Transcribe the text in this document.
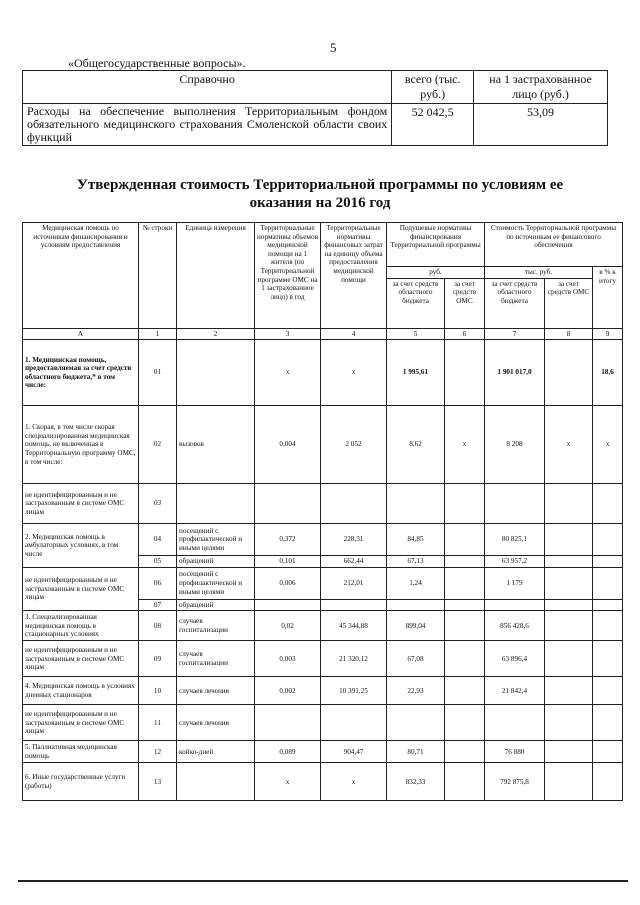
5
«Общегосударственные вопросы».
Справочно	всего (тыс. руб.)	на 1 застрахованное лицо (руб.)
Расходы на обеспечение выполнения Территориальным фондом обязательного медицинского страхования Смоленской области своих функций	52 042,5	53,09
Утвержденная стоимость Территориальной программы по условиям ее оказания на 2016 год
Медицинская помощь по источникам финансирования и условиям предоставления	№ строки	Единица измерения	Территориальные нормативы объемов медицинской помощи на 1 жителя (по Территориальной программе ОМС на 1 застрахованное лицо) в год	Территориальные нормативы финансовых затрат на единицу объема предоставления медицинской помощи	Подушевые нормативы финансирования Территориальной программы		Стоимость Территориальной программы по источникам ее финансового обеспечения		
					руб.		тыс. руб.		в % к итогу
					за счет средств областного бюджета	за счет средств ОМС	за счет средств областного бюджета	за счет средств ОМС	
А	1	2	3	4	5	6	7	8	9
1. Медицинская помощь, предоставляемая за счет средств областного бюджета,* в том числе:	01		х	х	1 995,61		1 901 017,0		18,6
1. Скорая, в том числе скорая специализированная медицинская помощь, не включенная в Территориальную программу ОМС, в том числе:	02	вызовов	0,004	2 052	8,62	х	8 208	х	х
не идентифицированным и не застрахованным в системе ОМС лицам	03								
2. Медицинская помощь в амбулаторных условиях, в том числе	04	посещений с профилактической и иными целями	0,372	228,31	84,85		80 825,1		
	05	обращений	0,101	662,44	67,13		63 957,2		
не идентифицированным и не застрахованным в системе ОМС лицам	06	посещений с профилактической и иными целями	0,006	212,01	1,24		1 179		
	07	обращений							
3. Специализированная медицинская помощь в стационарных условиях	08	случаев госпитализации	0,02	45 344,88	899,04		856 428,6		
не идентифицированным и не застрахованным в системе ОМС лицам	09	случаев госпитализации	0,003	21 320,12	67,08		63 896,4		
4. Медицинская помощь в условиях дневных стационаров	10	случаев лечения	0,002	10 391,25	22,93		21 842,4		
не идентифицированным и не застрахованным в системе ОМС лицам	11	случаев лечения							
5. Паллиативная медицинская помощь	12	койко-дней	0,089	904,47	80,71		76 880		
6. Иные государственные услуги (работы)	13		х	х	832,33		792 875,8		
